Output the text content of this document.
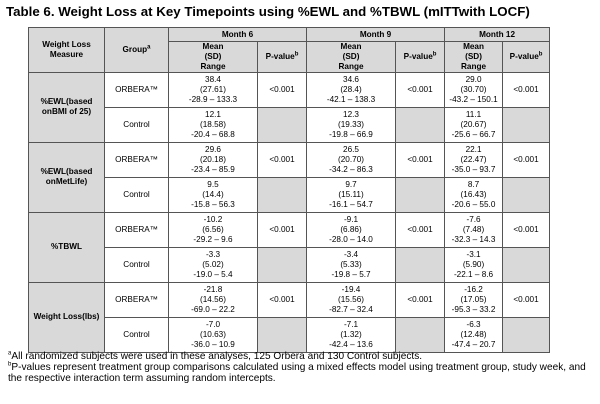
Table 6. Weight Loss at Key Timepoints using %EWL and %TBWL (mITTwith LOCF)
Weight Loss Measure	Group$^a$	Month 6		Month 9		Month 12	

		Mean
(SD)
Range	P-value$^b$	Mean
(SD)
Range	P-value$^b$	Mean
(SD)
Range	P-value$^b$
%EWL(based onBMI of 25)	ORBERA™	38.4
(27.61)
-28.9 – 133.3	<0.001	34.6
(28.4)
-42.1 – 138.3	<0.001	29.0
(30.70)
-43.2 – 150.1	<0.001
	Control	12.1
(18.58)
-20.4 – 68.8		12.3
(19.33)
-19.8 – 66.9		11.1
(20.67)
-25.6 – 66.7	

%EWL(based onMetLife)	ORBERA™	29.6
(20.18)
-23.4 – 85.9	<0.001	26.5
(20.70)
-34.2 – 86.3	<0.001	22.1
(22.47)
-35.0 – 93.7	<0.001
	Control	9.5
(14.4)
-15.8 – 56.3		9.7
(15.11)
-16.1 – 54.7		8.7
(16.43)
-20.6 – 55.0	

%TBWL	ORBERA™	-10.2
(6.56)
-29.2 – 9.6	<0.001	-9.1
(6.86)
-28.0 – 14.0	<0.001	-7.6
(7.48)
-32.3 – 14.3	<0.001
	Control	-3.3
(5.02)
-19.0 – 5.4		-3.4
(5.33)
-19.8 – 5.7		-3.1
(5.90)
-22.1 – 8.6	

Weight Loss(lbs)	ORBERA™	-21.8
(14.56)
-69.0 – 22.2	<0.001	-19.4
(15.56)
-82.7 – 32.4	<0.001	-16.2
(17.05)
-95.3 – 33.2	<0.001
	Control	-7.0
(10.63)
-36.0 – 10.9		-7.1
(1.32)
-42.4 – 13.6		-6.3
(12.48)
-47.4 – 20.7	

$^a$All randomized subjects were used in these analyses, 125 Orbera and 130 Control subjects.
$^b$P-values represent treatment group comparisons calculated using a mixed effects model using treatment group, study week, and the respective interaction term assuming random intercepts.
